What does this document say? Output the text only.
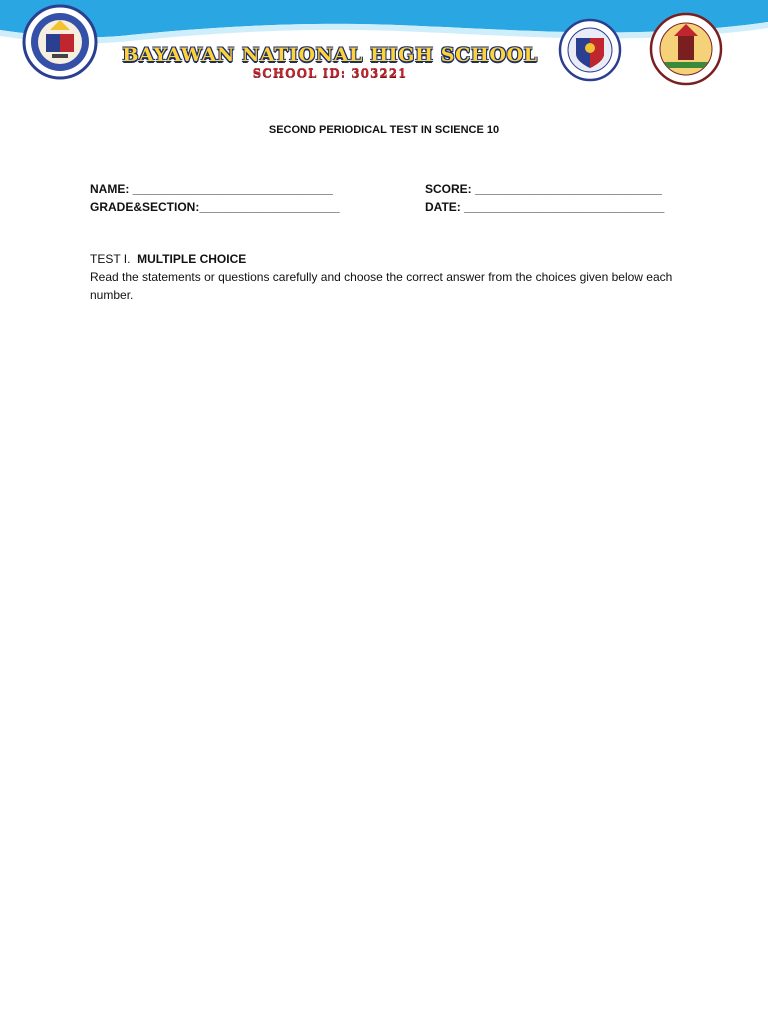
BAYAWAN NATIONAL HIGH SCHOOL
SCHOOL ID: 303221
SECOND PERIODICAL TEST IN SCIENCE 10
NAME: ______________________________
GRADE&SECTION:_____________________
SCORE: ____________________________
DATE: ______________________________
TEST I. MULTIPLE CHOICE
Read the statements or questions carefully and choose the correct answer from the choices given below each number.
